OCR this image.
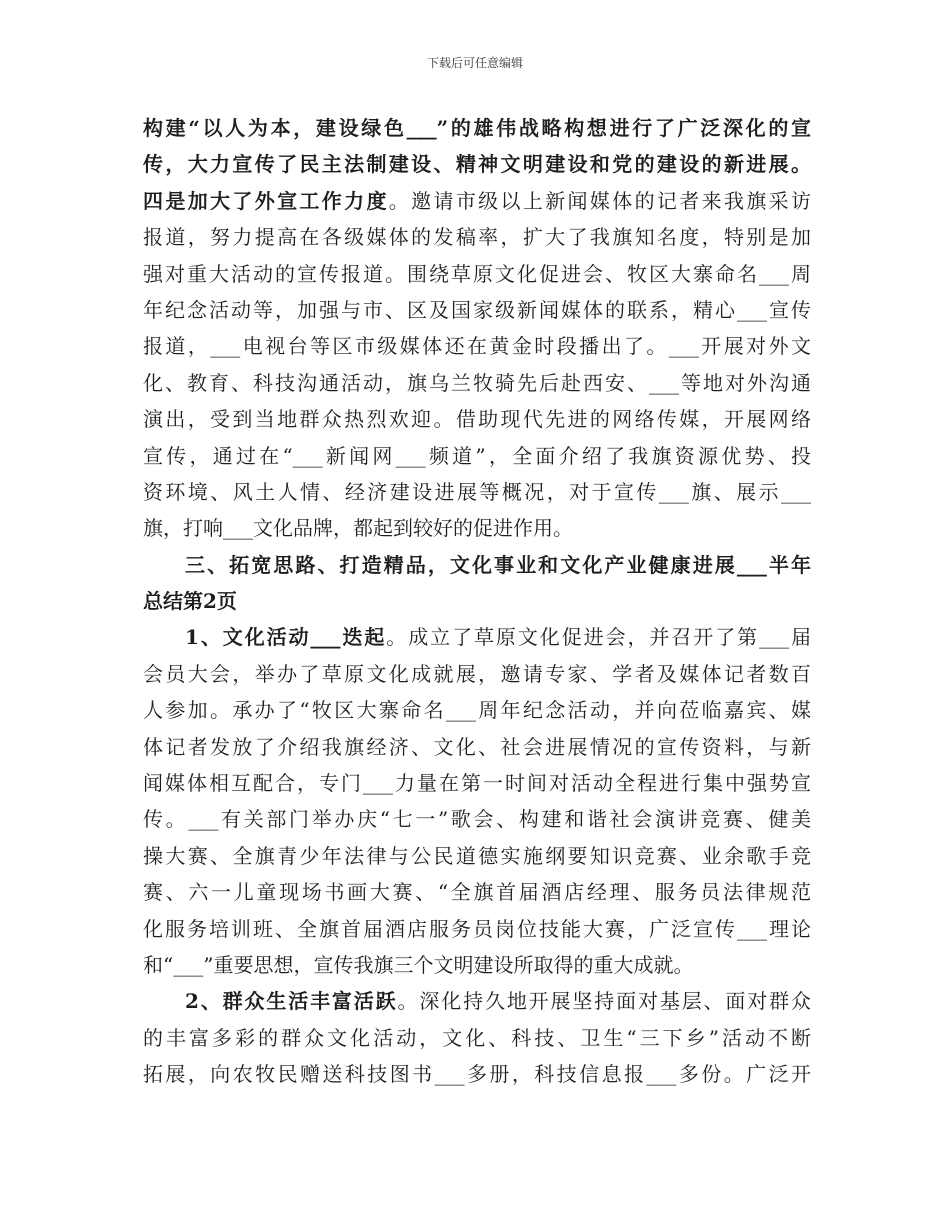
下载后可任意编辑
构建“以人为本，建设绿色___”的雄伟战略构想进行了广泛深化的宣
传，大力宣传了民主法制建设、精神文明建设和党的建设的新进展。
四是加大了外宣工作力度。邀请市级以上新闻媒体的记者来我旗采访
报道，努力提高在各级媒体的发稿率，扩大了我旗知名度，特别是加
强对重大活动的宣传报道。围绕草原文化促进会、牧区大寨命名___周
年纪念活动等，加强与市、区及国家级新闻媒体的联系，精心___宣传
报道，___电视台等区市级媒体还在黄金时段播出了。___开展对外文
化、教育、科技沟通活动，旗乌兰牧骑先后赴西安、___等地对外沟通
演出，受到当地群众热烈欢迎。借助现代先进的网络传媒，开展网络
宣传，通过在“___新闻网___频道”，全面介绍了我旗资源优势、投
资环境、风土人情、经济建设进展等概况，对于宣传___旗、展示___
旗，打响___文化品牌，都起到较好的促进作用。
三、拓宽思路、打造精品，文化事业和文化产业健康进展___半年
总结第2页
1、文化活动___迭起。成立了草原文化促进会，并召开了第___届
会员大会，举办了草原文化成就展，邀请专家、学者及媒体记者数百
人参加。承办了“牧区大寨命名___周年纪念活动，并向莅临嘉宾、媒
体记者发放了介绍我旗经济、文化、社会进展情况的宣传资料，与新
闻媒体相互配合，专门___力量在第一时间对活动全程进行集中强势宣
传。___有关部门举办庆“七一”歌会、构建和谐社会演讲竞赛、健美
操大赛、全旗青少年法律与公民道德实施纲要知识竞赛、业余歌手竞
赛、六一儿童现场书画大赛、“全旗首届酒店经理、服务员法律规范
化服务培训班、全旗首届酒店服务员岗位技能大赛，广泛宣传___理论
和“___”重要思想，宣传我旗三个文明建设所取得的重大成就。
2、群众生活丰富活跃。深化持久地开展坚持面对基层、面对群众
的丰富多彩的群众文化活动，文化、科技、卫生“三下乡”活动不断
拓展，向农牧民赠送科技图书___多册，科技信息报___多份。广泛开
